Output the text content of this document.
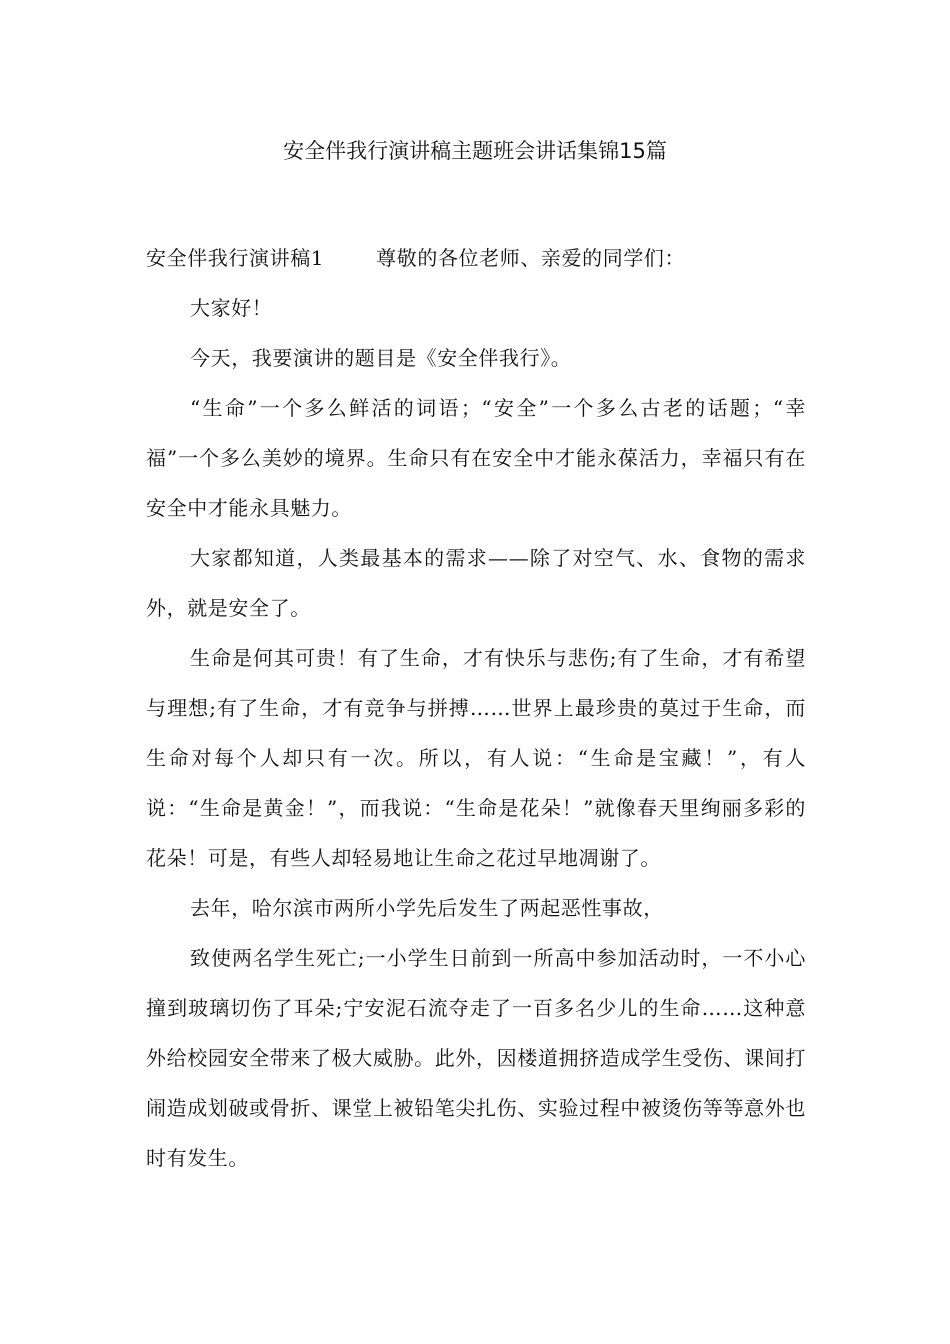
安全伴我行演讲稿主题班会讲话集锦15篇

安全伴我行演讲稿1	尊敬的各位老师、亲爱的同学们：

大家好！

今天，我要演讲的题目是《安全伴我行》。

“生命”一个多么鲜活的词语；“安全”一个多么古老的话题；“幸福”一个多么美妙的境界。生命只有在安全中才能永葆活力，幸福只有在安全中才能永具魅力。

大家都知道，人类最基本的需求——除了对空气、水、食物的需求外，就是安全了。

生命是何其可贵！有了生命，才有快乐与悲伤;有了生命，才有希望与理想;有了生命，才有竞争与拼搏……世界上最珍贵的莫过于生命，而生命对每个人却只有一次。所以，有人说：“生命是宝藏！”，有人说：“生命是黄金！”，而我说：“生命是花朵！”就像春天里绚丽多彩的花朵！可是，有些人却轻易地让生命之花过早地凋谢了。

去年，哈尔滨市两所小学先后发生了两起恶性事故，

致使两名学生死亡;一小学生日前到一所高中参加活动时，一不小心撞到玻璃切伤了耳朵;宁安泥石流夺走了一百多名少儿的生命……这种意外给校园安全带来了极大威胁。此外，因楼道拥挤造成学生受伤、课间打闹造成划破或骨折、课堂上被铅笔尖扎伤、实验过程中被烫伤等等意外也时有发生。
